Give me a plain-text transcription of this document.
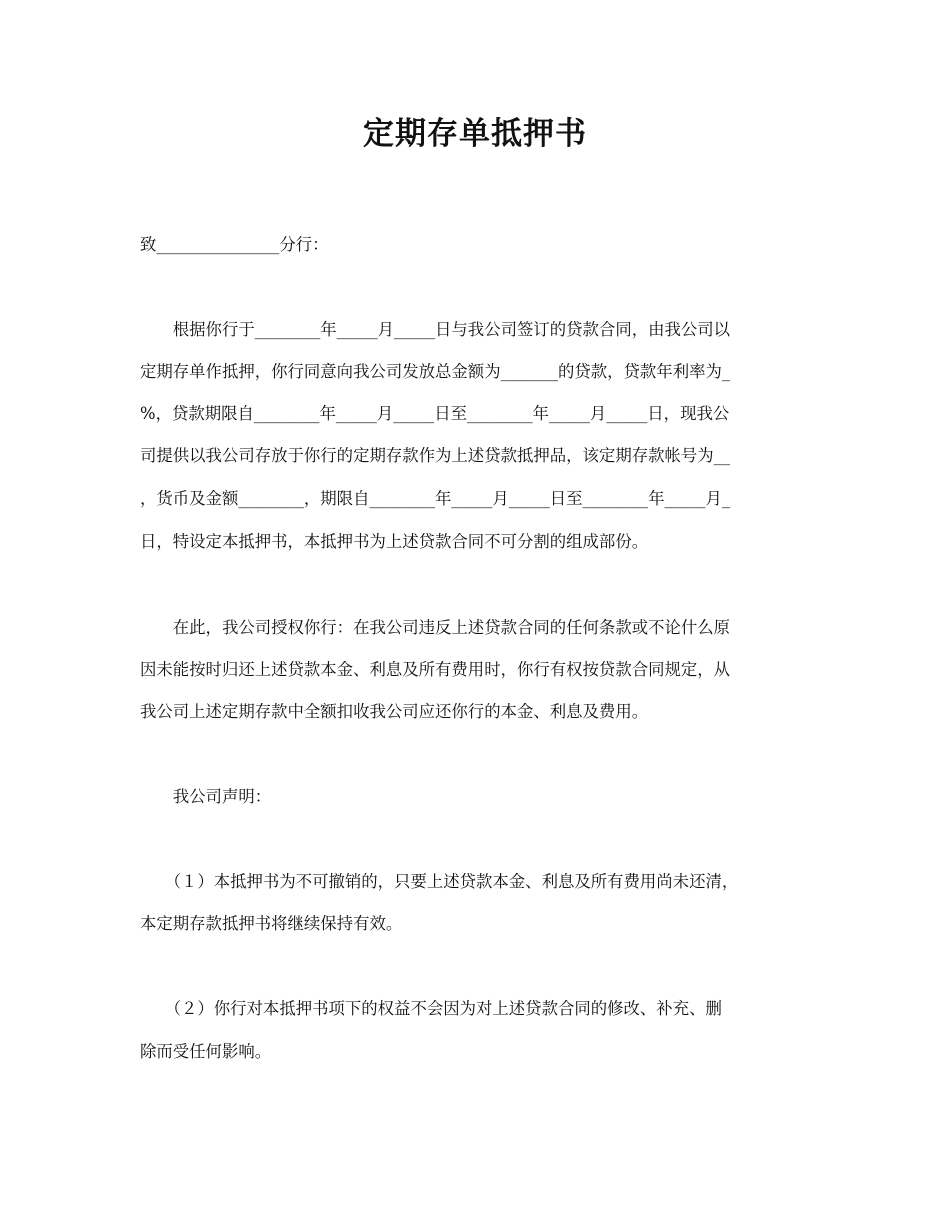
定期存单抵押书
致_______________分行：
　　根据你行于________年_____月_____日与我公司签订的贷款合同，由我公司以
定期存单作抵押，你行同意向我公司发放总金额为_______的贷款，贷款年利率为_
%，贷款期限自________年_____月_____日至________年_____月_____日，现我公
司提供以我公司存放于你行的定期存款作为上述贷款抵押品，该定期存款帐号为__
，货币及金额________，期限自________年_____月_____日至________年_____月_
日，特设定本抵押书，本抵押书为上述贷款合同不可分割的组成部份。
　　在此，我公司授权你行：在我公司违反上述贷款合同的任何条款或不论什么原
因未能按时归还上述贷款本金、利息及所有费用时，你行有权按贷款合同规定，从
我公司上述定期存款中全额扣收我公司应还你行的本金、利息及费用。
　　我公司声明：
　　（１）本抵押书为不可撤销的，只要上述贷款本金、利息及所有费用尚未还清，
本定期存款抵押书将继续保持有效。
　　（２）你行对本抵押书项下的权益不会因为对上述贷款合同的修改、补充、删
除而受任何影响。
